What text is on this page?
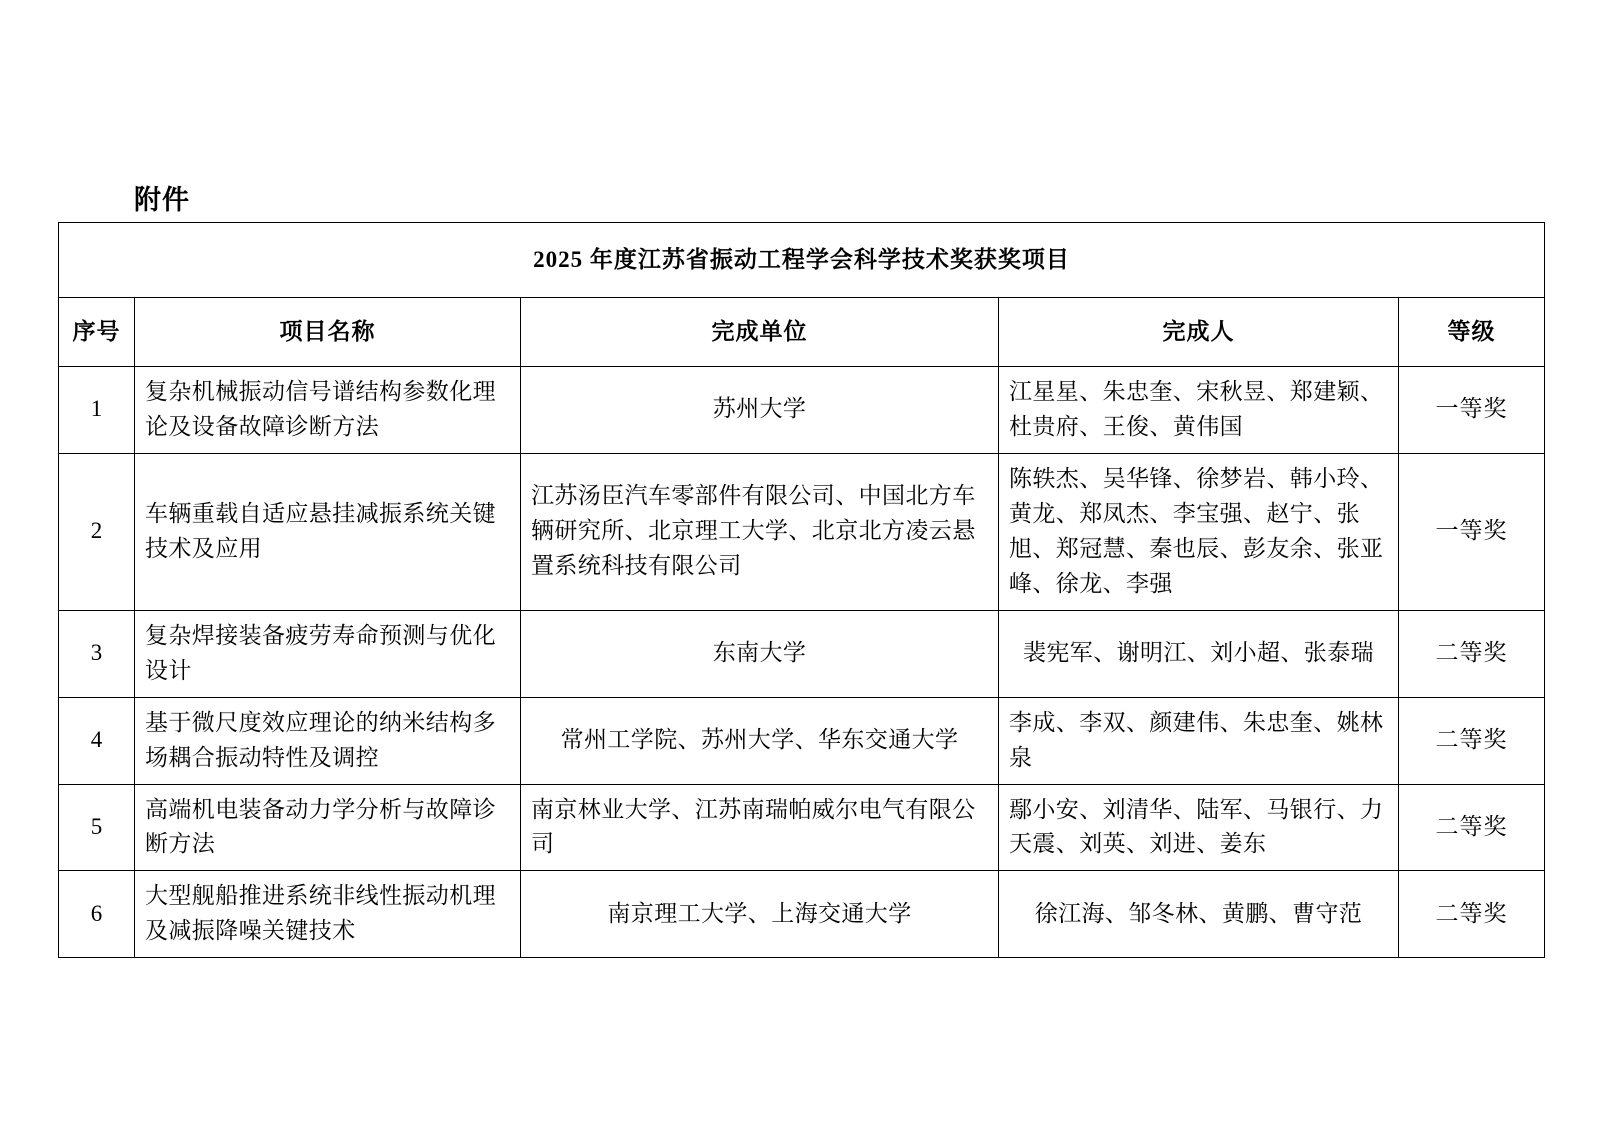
附件
2025 年度江苏省振动工程学会科学技术奖获奖项目				
序号	项目名称	完成单位	完成人	等级
1	复杂机械振动信号谱结构参数化理论及设备故障诊断方法	苏州大学	江星星、朱忠奎、宋秋昱、郑建颖、杜贵府、王俊、黄伟国	一等奖
2	车辆重载自适应悬挂减振系统关键技术及应用	江苏汤臣汽车零部件有限公司、中国北方车辆研究所、北京理工大学、北京北方凌云悬置系统科技有限公司	陈轶杰、吴华锋、徐梦岩、韩小玲、黄龙、郑凤杰、李宝强、赵宁、张旭、郑冠慧、秦也辰、彭友余、张亚峰、徐龙、李强	一等奖
3	复杂焊接装备疲劳寿命预测与优化设计	东南大学	裴宪军、谢明江、刘小超、张泰瑞	二等奖
4	基于微尺度效应理论的纳米结构多场耦合振动特性及调控	常州工学院、苏州大学、华东交通大学	李成、李双、颜建伟、朱忠奎、姚林泉	二等奖
5	高端机电装备动力学分析与故障诊断方法	南京林业大学、江苏南瑞帕威尔电气有限公司	鄢小安、刘清华、陆军、马银行、力天震、刘英、刘进、姜东	二等奖
6	大型舰船推进系统非线性振动机理及减振降噪关键技术	南京理工大学、上海交通大学	徐江海、邹冬林、黄鹏、曹守范	二等奖
